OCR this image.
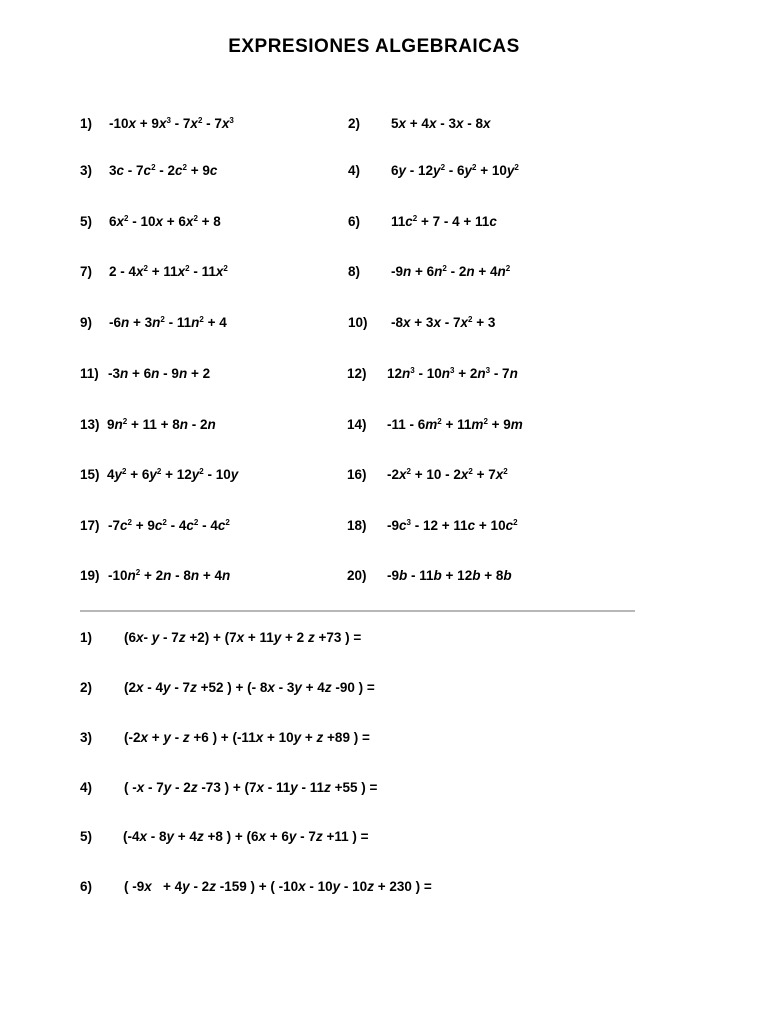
EXPRESIONES ALGEBRAICAS
1) $-10x + 9x^3 - 7x^2 - 7x^3$	2) 5x + 4x - 3x - 8x
3) $3c - 7c^2 - 2c^2 + 9c$	4) $6y - 12y^2 - 6y^2 + 10y^2$
5) $6x^2 - 10x + 6x^2 + 8$	6) $11c^2 + 7 - 4 + 11c$
7) $2 - 4x^2 + 11x^2 - 11x^2$	8) $-9n + 6n^2 - 2n + 4n^2$
9) $-6n + 3n^2 - 11n^2 + 4$	10) $-8x + 3x - 7x^2 + 3$
11) -3n + 6n - 9n + 2	12) $12n^3 - 10n^3 + 2n^3 - 7n$
13) $9n^2 + 11 + 8n - 2n$	14) $-11 - 6m^2 + 11m^2 + 9m$
15) $4y^2 + 6y^2 + 12y^2 - 10y$	16) $-2x^2 + 10 - 2x^2 + 7x^2$
17) $-7c^2 + 9c^2 - 4c^2 - 4c^2$	18) $-9c^3 - 12 + 11c + 10c^2$
19) $-10n^2 + 2n - 8n + 4n$	20) -9b - 11b + 12b + 8b
1) (6x- y - 7z +2) + (7x + 11y + 2 z +73 ) =
2) (2x - 4y - 7z +52 ) + (- 8x - 3y + 4z -90 ) =
3) (-2x + y - z +6 ) + (-11x + 10y + z +89 ) =
4) ( -x - 7y - 2z -73 ) + (7x - 11y - 11z +55 ) =
5) (-4x - 8y + 4z +8 ) + (6x + 6y - 7z +11 ) =
6) ( -9x   + 4y - 2z -159 ) + ( -10x - 10y - 10z + 230 ) =
